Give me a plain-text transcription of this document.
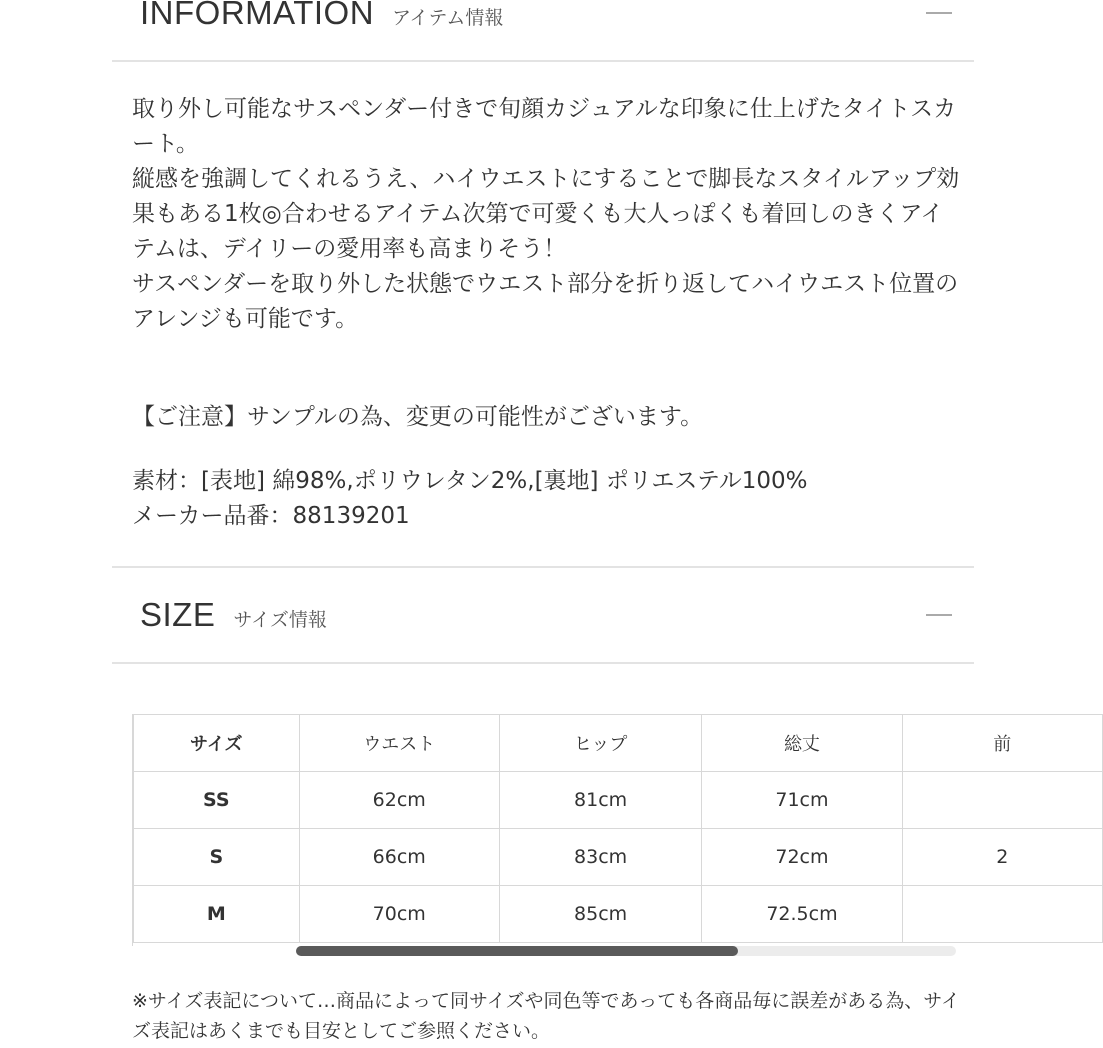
INFORMATION アイテム情報

取り外し可能なサスペンダー付きで旬顔カジュアルな印象に仕上げたタイトスカート。
縦感を強調してくれるうえ、ハイウエストにすることで脚長なスタイルアップ効果もある1枚◎合わせるアイテム次第で可愛くも大人っぽくも着回しのきくアイテムは、デイリーの愛用率も高まりそう！
サスペンダーを取り外した状態でウエスト部分を折り返してハイウエスト位置のアレンジも可能です。

【ご注意】サンプルの為、変更の可能性がございます。

素材：[表地] 綿98%,ポリウレタン2%,[裏地] ポリエステル100%

メーカー品番：88139201

SIZE サイズ情報
サイズ	ウエスト	ヒップ	総丈	前
SS	62cm	81cm	71cm	
S	66cm	83cm	72cm	2
M	70cm	85cm	72.5cm	

※サイズ表記について…商品によって同サイズや同色等であっても各商品毎に誤差がある為、サイズ表記はあくまでも目安としてご参照ください。
